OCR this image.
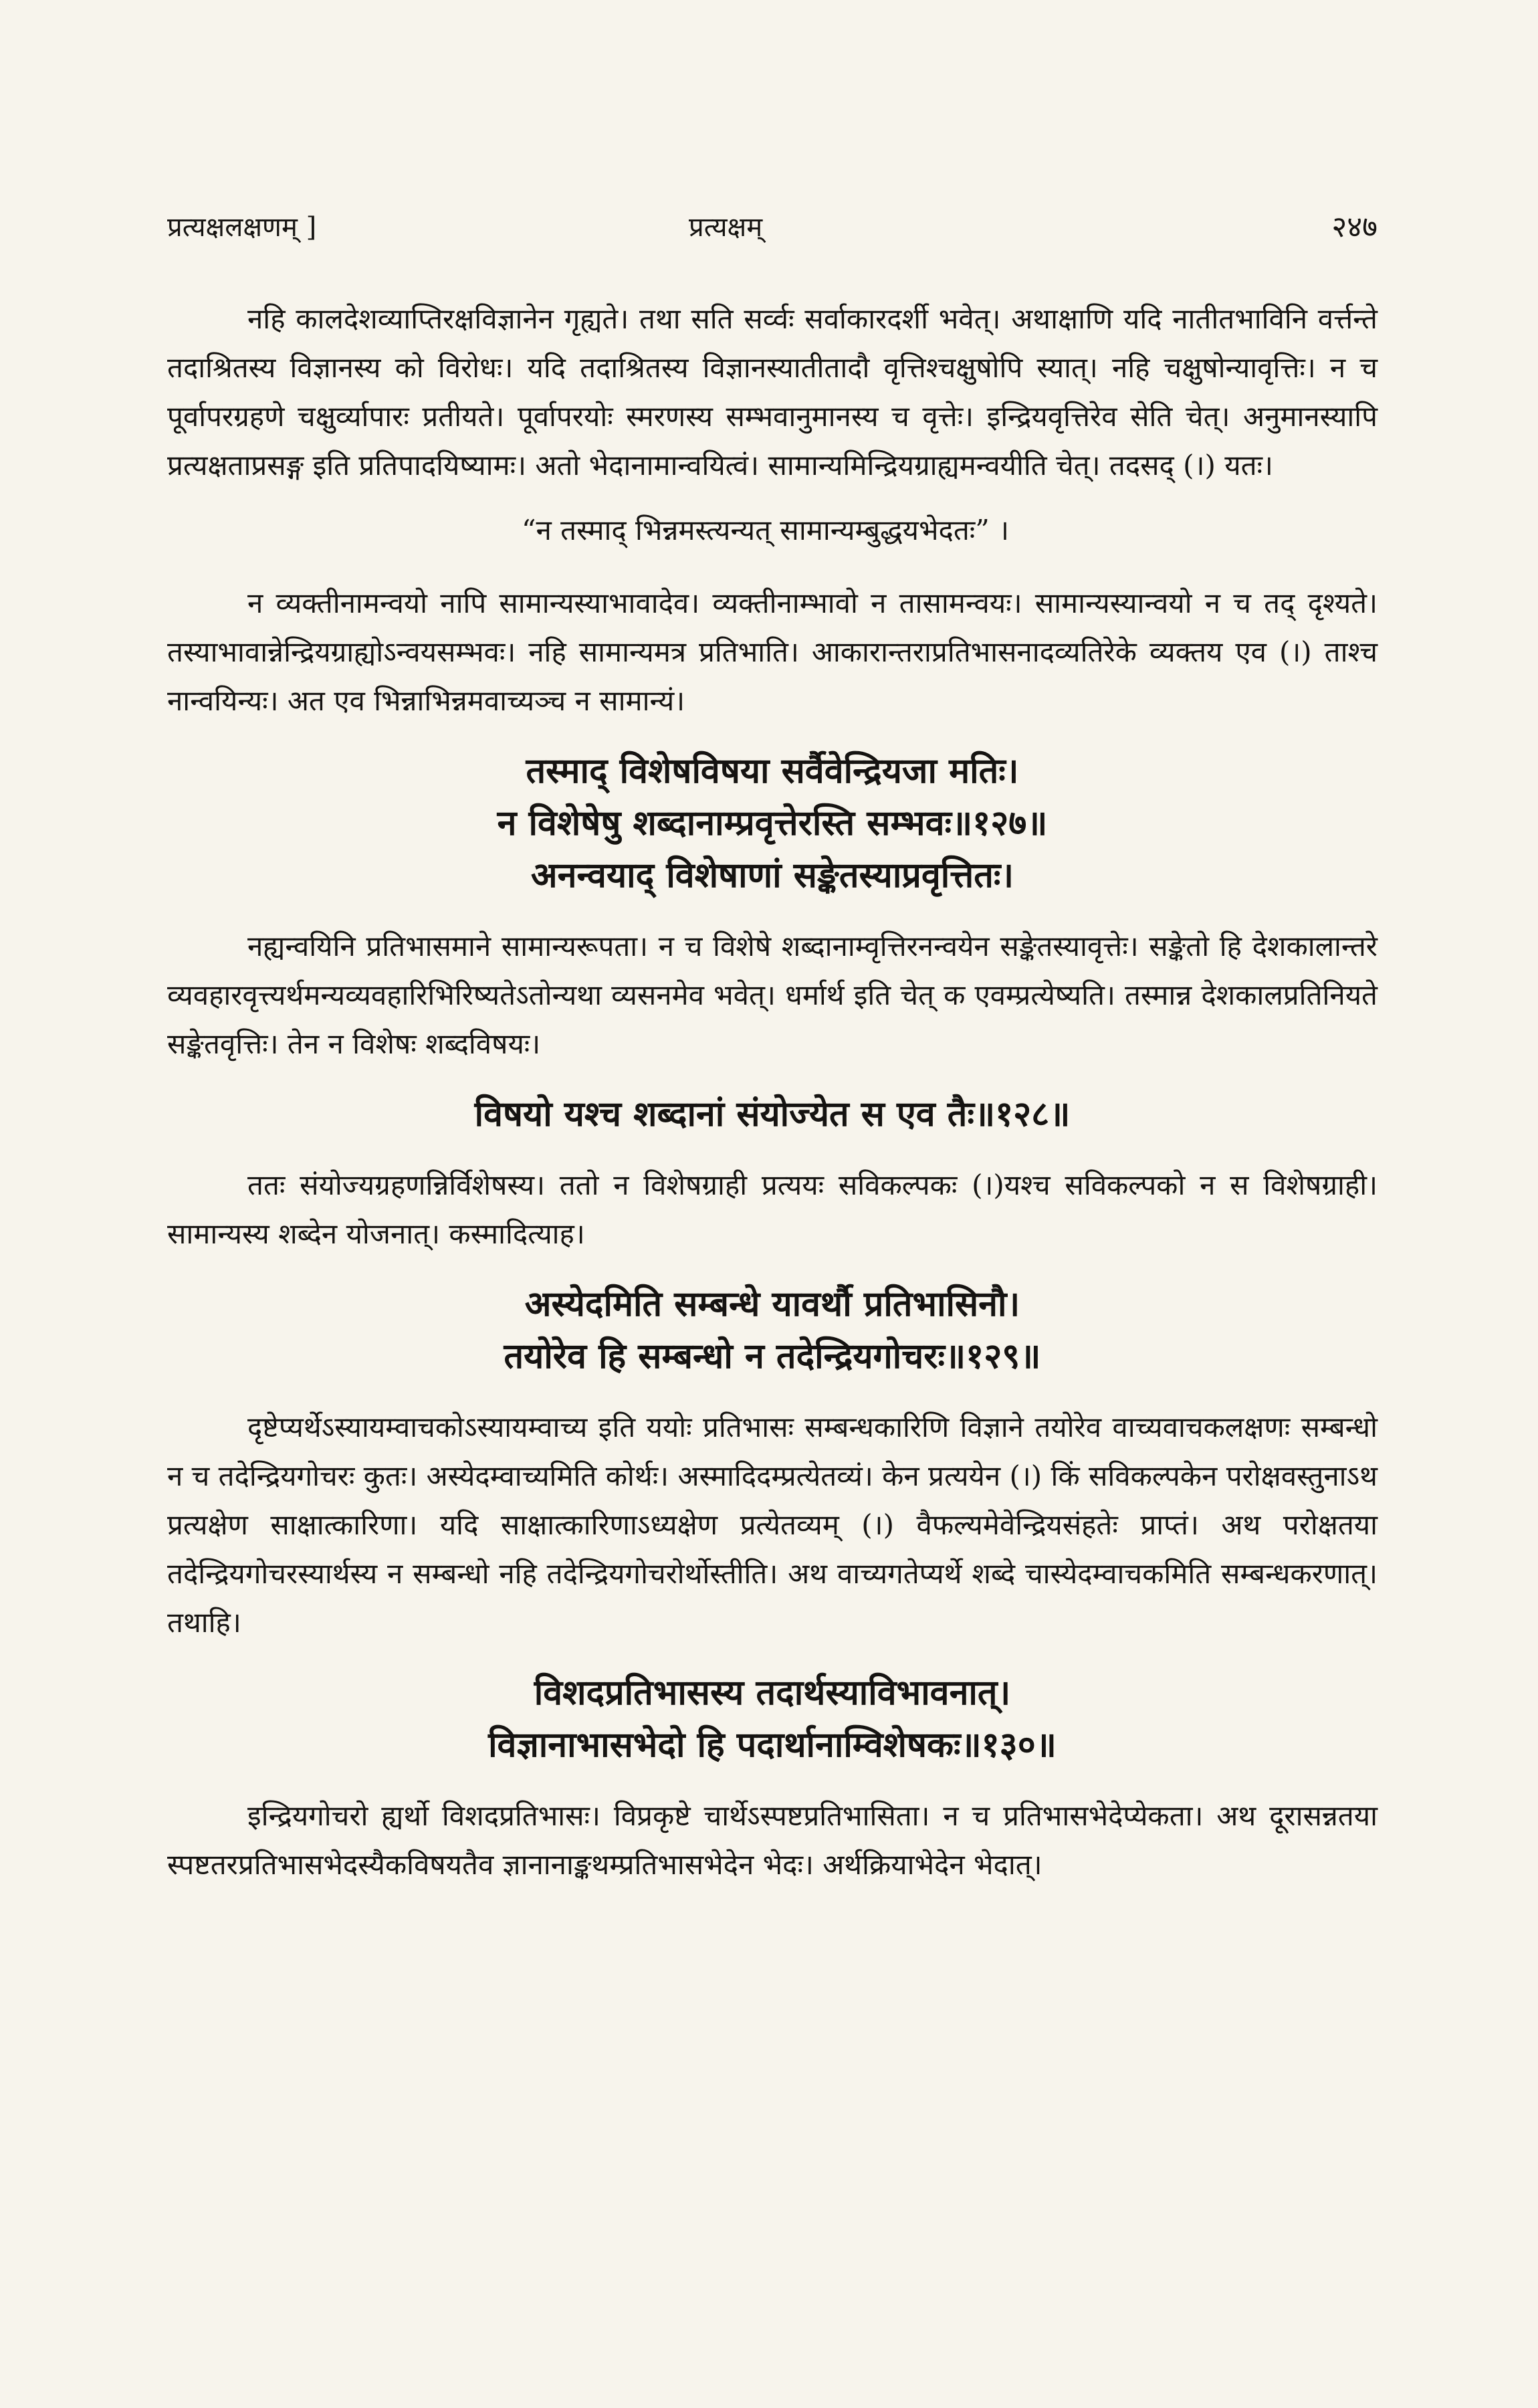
प्रत्यक्षलक्षणम् ]	प्रत्यक्षम्	२४७

नहि कालदेशव्याप्तिरक्षविज्ञानेन गृह्यते। तथा सति सर्व्वः सर्वाकारदर्शी भवेत्। अथाक्षाणि यदि नातीतभाविनि वर्त्तन्ते तदाश्रितस्य विज्ञानस्य को विरोधः। यदि तदाश्रितस्य विज्ञानस्यातीतादौ वृत्तिश्चक्षुषोपि स्यात्। नहि चक्षुषोन्यावृत्तिः। न च पूर्वापरग्रहणे चक्षुर्व्यापारः प्रतीयते। पूर्वापरयोः स्मरणस्य सम्भवानुमानस्य च वृत्तेः। इन्द्रियवृत्तिरेव सेति चेत्। अनुमानस्यापि प्रत्यक्षताप्रसङ्ग इति प्रतिपादयिष्यामः। अतो भेदानामान्वयित्वं। सामान्यमिन्द्रियग्राह्यमन्वयीति चेत्। तदसद् (।) यतः।

“न तस्माद् भिन्नमस्त्यन्यत् सामान्यम्बुद्धयभेदतः” ।

न व्यक्तीनामन्वयो नापि सामान्यस्याभावादेव। व्यक्तीनाम्भावो न तासामन्वयः। सामान्यस्यान्वयो न च तद् दृश्यते। तस्याभावान्नेन्द्रियग्राह्योऽन्वयसम्भवः। नहि सामान्यमत्र प्रतिभाति। आकारान्तराप्रतिभासनादव्यतिरेके व्यक्तय एव (।) ताश्च नान्वयिन्यः। अत एव भिन्नाभिन्नमवाच्यञ्च न सामान्यं।

तस्माद् विशेषविषया सर्वैवेन्द्रियजा मतिः।
न विशेषेषु शब्दानाम्प्रवृत्तेरस्ति सम्भवः॥१२७॥
अनन्वयाद् विशेषाणां सङ्केतस्याप्रवृत्तितः।

नह्यन्वयिनि प्रतिभासमाने सामान्यरूपता। न च विशेषे शब्दानाम्वृत्तिरनन्वयेन सङ्केतस्यावृत्तेः। सङ्केतो हि देशकालान्तरे व्यवहारवृत्त्यर्थमन्यव्यवहारिभिरिष्यतेऽतोन्यथा व्यसनमेव भवेत्। धर्मार्थ इति चेत् क एवम्प्रत्येष्यति। तस्मान्न देशकालप्रतिनियते सङ्केतवृत्तिः। तेन न विशेषः शब्दविषयः।

विषयो यश्च शब्दानां संयोज्येत स एव तैः॥१२८॥

ततः संयोज्यग्रहणन्निर्विशेषस्य। ततो न विशेषग्राही प्रत्ययः सविकल्पकः (।)यश्च सविकल्पको न स विशेषग्राही। सामान्यस्य शब्देन योजनात्। कस्मादित्याह।

अस्येदमिति सम्बन्धे यावर्थौ प्रतिभासिनौ।
तयोरेव हि सम्बन्धो न तदेन्द्रियगोचरः॥१२९॥

दृष्टेप्यर्थेऽस्यायम्वाचकोऽस्यायम्वाच्य इति ययोः प्रतिभासः सम्बन्धकारिणि विज्ञाने तयोरेव वाच्यवाचकलक्षणः सम्बन्धो न च तदेन्द्रियगोचरः कुतः। अस्येदम्वाच्यमिति कोर्थः। अस्मादिदम्प्रत्येतव्यं। केन प्रत्ययेन (।) किं सविकल्पकेन परोक्षवस्तुनाऽथ प्रत्यक्षेण साक्षात्कारिणा। यदि साक्षात्कारिणाऽध्यक्षेण प्रत्येतव्यम् (।) वैफल्यमेवेन्द्रियसंहतेः प्राप्तं। अथ परोक्षतया तदेन्द्रियगोचरस्यार्थस्य न सम्बन्धो नहि तदेन्द्रियगोचरोर्थोस्तीति। अथ वाच्यगतेप्यर्थे शब्दे चास्येदम्वाचकमिति सम्बन्धकरणात्। तथाहि।

विशदप्रतिभासस्य तदार्थस्याविभावनात्।
विज्ञानाभासभेदो हि पदार्थानाम्विशेषकः॥१३०॥

इन्द्रियगोचरो ह्यर्थो विशदप्रतिभासः। विप्रकृष्टे चार्थेऽस्पष्टप्रतिभासिता। न च प्रतिभासभेदेप्येकता। अथ दूरासन्नतया स्पष्टतरप्रतिभासभेदस्यैकविषयतैव ज्ञानानाङ्कथम्प्रतिभासभेदेन भेदः। अर्थक्रियाभेदेन भेदात्।
